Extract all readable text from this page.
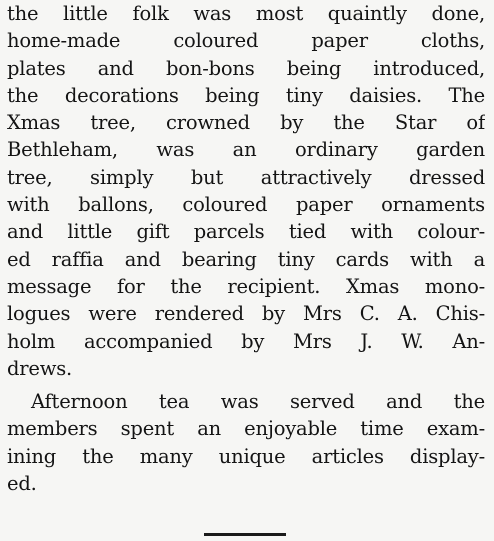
the little folk was most quaintly done,
home-made coloured paper cloths,
plates and bon-bons being introduced,
the decorations being tiny daisies. The
Xmas tree, crowned by the Star of
Bethleham, was an ordinary garden
tree, simply but attractively dressed
with ballons, coloured paper ornaments
and little gift parcels tied with colour-
ed raffia and bearing tiny cards with a
message for the recipient. Xmas mono-
logues were rendered by Mrs C. A. Chis-
holm accompanied by Mrs J. W. An-
drews.
Afternoon tea was served and the
members spent an enjoyable time exam-
ining the many unique articles display-
ed.
